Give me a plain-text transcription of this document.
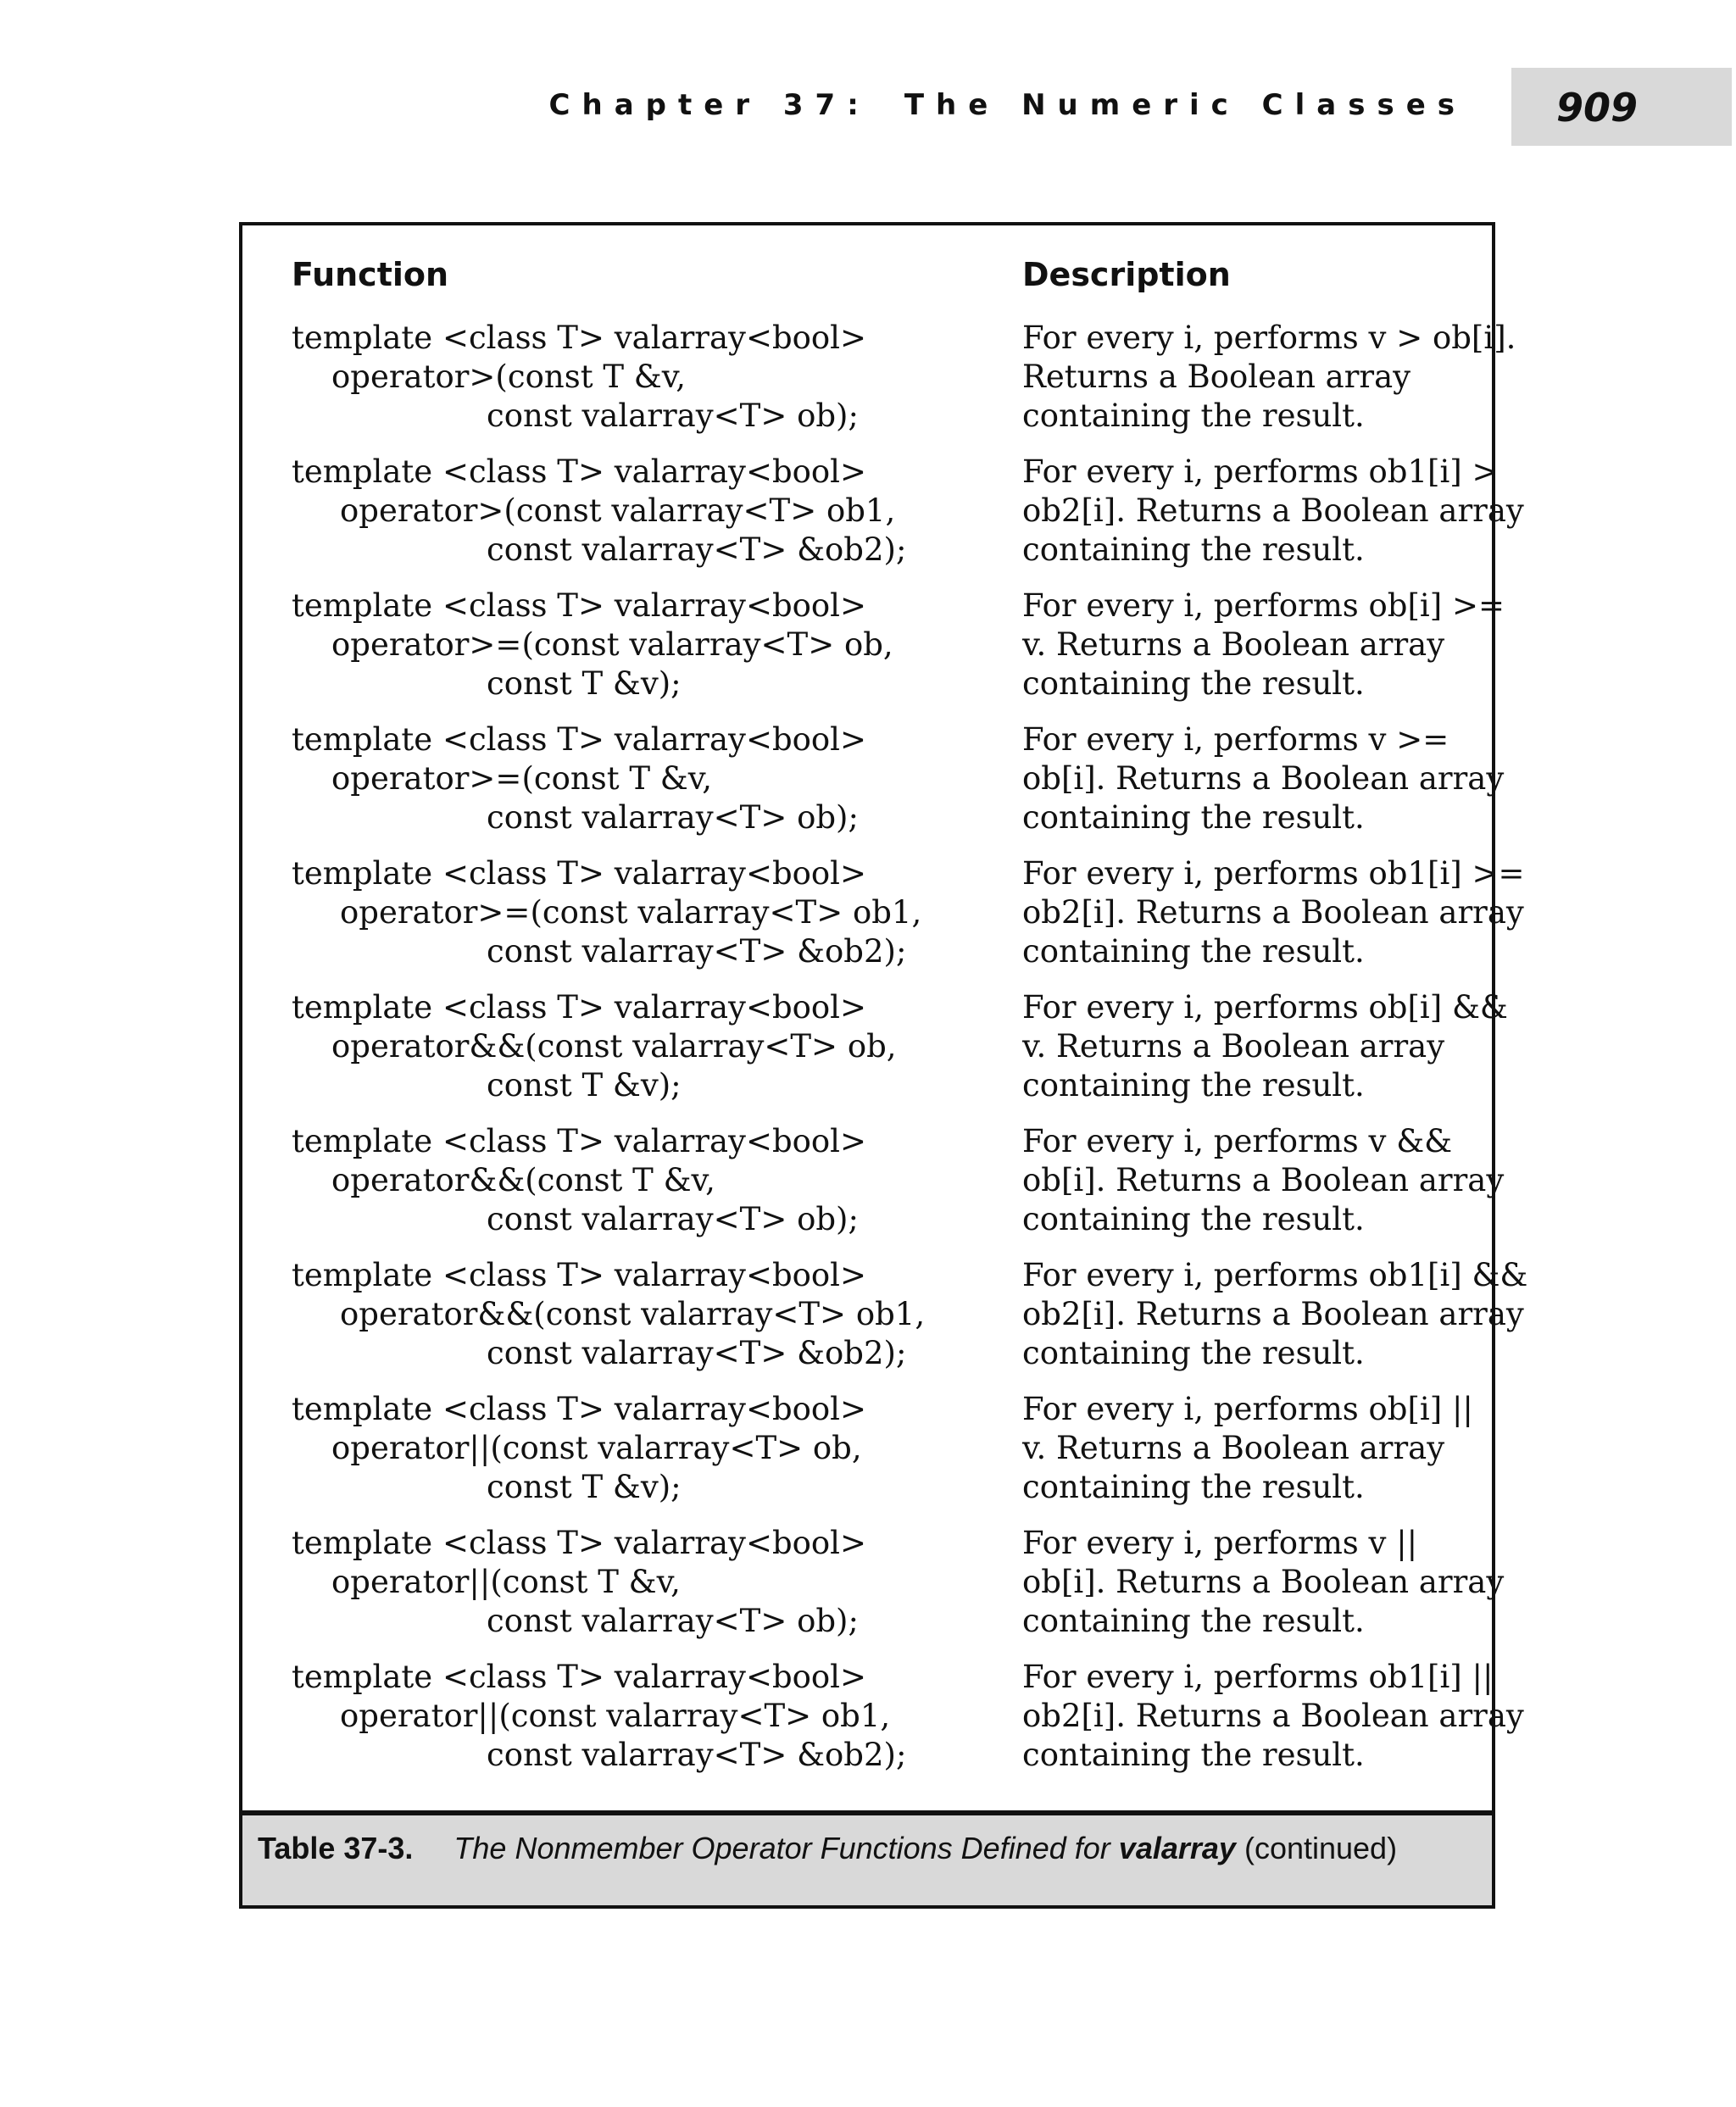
Chapter 37: The Numeric Classes 909
Function	Description
template <class T> valarray<bool>
operator>(const T &v,
const valarray<T> ob);
For every i, performs v > ob[i].
Returns a Boolean array
containing the result.
template <class T> valarray<bool>
operator>(const valarray<T> ob1,
const valarray<T> &ob2);
For every i, performs ob1[i] >
ob2[i]. Returns a Boolean array
containing the result.
template <class T> valarray<bool>
operator>=(const valarray<T> ob,
const T &v);
For every i, performs ob[i] >=
v. Returns a Boolean array
containing the result.
template <class T> valarray<bool>
operator>=(const T &v,
const valarray<T> ob);
For every i, performs v >=
ob[i]. Returns a Boolean array
containing the result.
template <class T> valarray<bool>
operator>=(const valarray<T> ob1,
const valarray<T> &ob2);
For every i, performs ob1[i] >=
ob2[i]. Returns a Boolean array
containing the result.
template <class T> valarray<bool>
operator&&(const valarray<T> ob,
const T &v);
For every i, performs ob[i] &&
v. Returns a Boolean array
containing the result.
template <class T> valarray<bool>
operator&&(const T &v,
const valarray<T> ob);
For every i, performs v &&
ob[i]. Returns a Boolean array
containing the result.
template <class T> valarray<bool>
operator&&(const valarray<T> ob1,
const valarray<T> &ob2);
For every i, performs ob1[i] &&
ob2[i]. Returns a Boolean array
containing the result.
template <class T> valarray<bool>
operator||(const valarray<T> ob,
const T &v);
For every i, performs ob[i] ||
v. Returns a Boolean array
containing the result.
template <class T> valarray<bool>
operator||(const T &v,
const valarray<T> ob);
For every i, performs v ||
ob[i]. Returns a Boolean array
containing the result.
template <class T> valarray<bool>
operator||(const valarray<T> ob1,
const valarray<T> &ob2);
For every i, performs ob1[i] ||
ob2[i]. Returns a Boolean array
containing the result.
Table 37-3. The Nonmember Operator Functions Defined for valarray (continued)
